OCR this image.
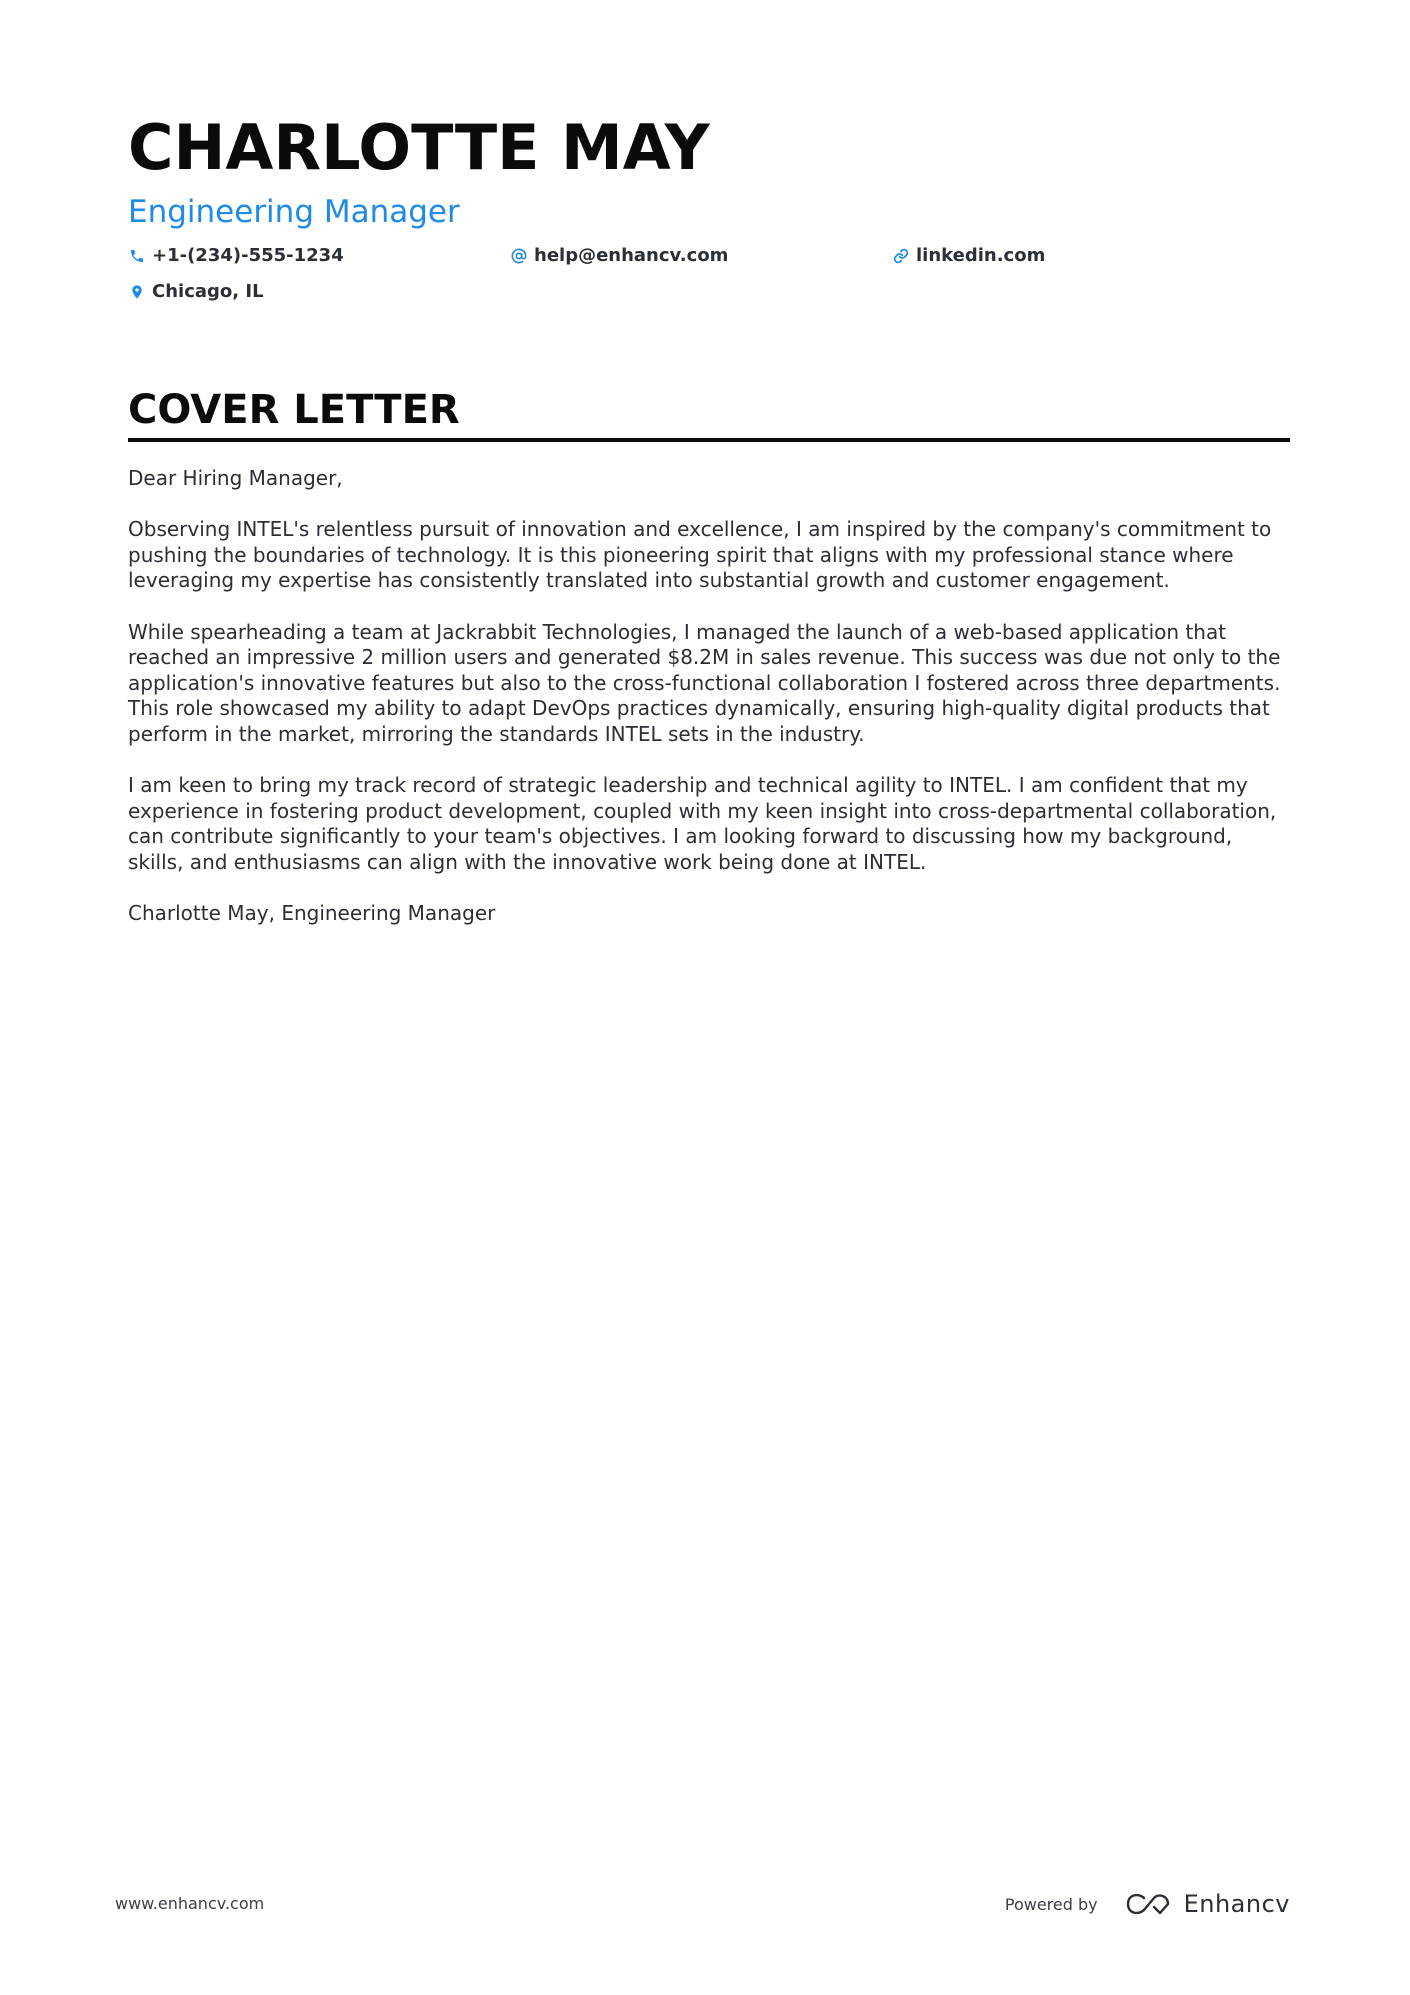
CHARLOTTE MAY
Engineering Manager
+1-(234)-555-1234	help@enhancv.com	linkedin.com
Chicago, IL
COVER LETTER

Dear Hiring Manager,

Observing INTEL's relentless pursuit of innovation and excellence, I am inspired by the company's commitment to pushing the boundaries of technology. It is this pioneering spirit that aligns with my professional stance where leveraging my expertise has consistently translated into substantial growth and customer engagement.

While spearheading a team at Jackrabbit Technologies, I managed the launch of a web-based application that reached an impressive 2 million users and generated $8.2M in sales revenue. This success was due not only to the application's innovative features but also to the cross-functional collaboration I fostered across three departments. This role showcased my ability to adapt DevOps practices dynamically, ensuring high-quality digital products that perform in the market, mirroring the standards INTEL sets in the industry.

I am keen to bring my track record of strategic leadership and technical agility to INTEL. I am confident that my experience in fostering product development, coupled with my keen insight into cross-departmental collaboration, can contribute significantly to your team's objectives. I am looking forward to discussing how my background, skills, and enthusiasms can align with the innovative work being done at INTEL.

Charlotte May, Engineering Manager

www.enhancv.com	Powered by	Enhancv
